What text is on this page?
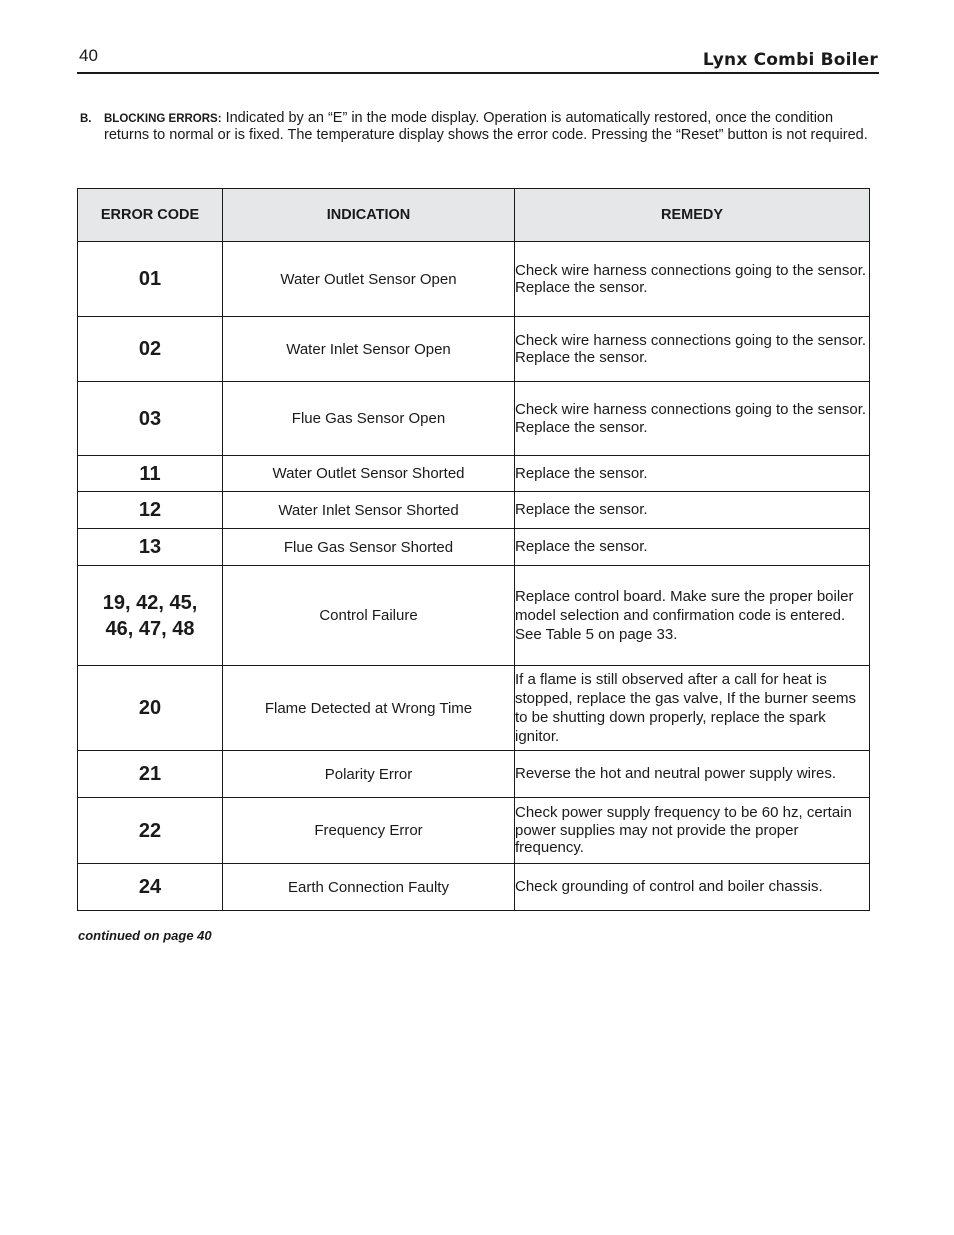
40	Lynx Combi Boiler
B. BLOCKING ERRORS: Indicated by an “E” in the mode display. Operation is automatically restored, once the condition returns to normal or is fixed. The temperature display shows the error code. Pressing the “Reset” button is not required.
ERROR CODE	INDICATION	REMEDY
01	Water Outlet Sensor Open	Check wire harness connections going to the sensor.
Replace the sensor.
02	Water Inlet Sensor Open	Check wire harness connections going to the sensor.
Replace the sensor.
03	Flue Gas Sensor Open	Check wire harness connections going to the sensor.
Replace the sensor.
11	Water Outlet Sensor Shorted	Replace the sensor.
12	Water Inlet Sensor Shorted	Replace the sensor.
13	Flue Gas Sensor Shorted	Replace the sensor.
19, 42, 45,
46, 47, 48	Control Failure	Replace control board. Make sure the proper boiler model selection and confirmation code is entered. See Table 5 on page 33.
20	Flame Detected at Wrong Time	If a flame is still observed after a call for heat is stopped, replace the gas valve, If the burner seems to be shutting down properly, replace the spark ignitor.
21	Polarity Error	Reverse the hot and neutral power supply wires.
22	Frequency Error	Check power supply frequency to be 60 hz, certain power supplies may not provide the proper frequency.
24	Earth Connection Faulty	Check grounding of control and boiler chassis.
continued on page 40
